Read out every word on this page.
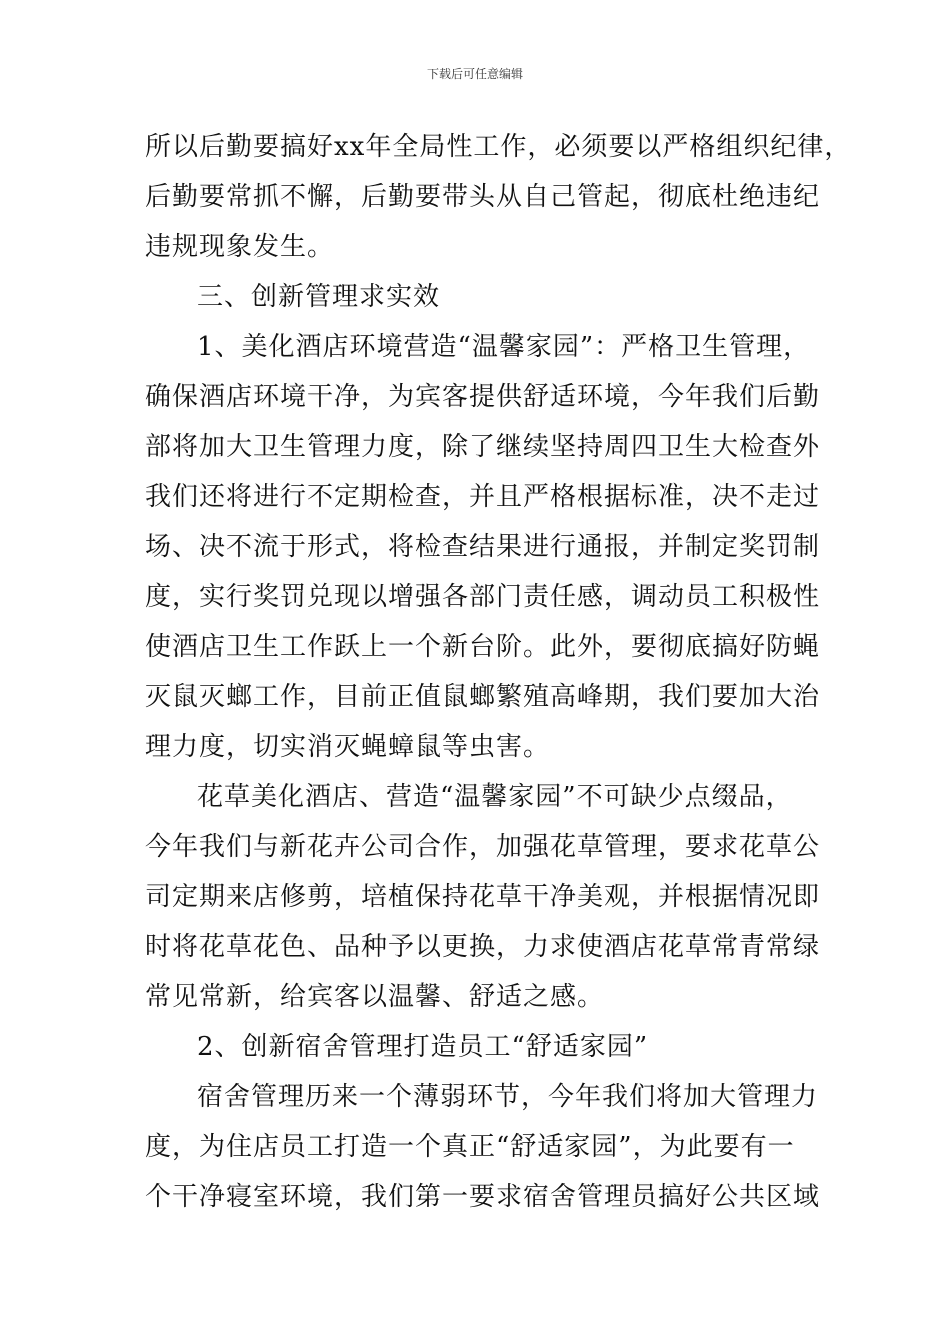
下载后可任意编辑
所以后勤要搞好xx年全局性工作，必须要以严格组织纪律，
后勤要常抓不懈，后勤要带头从自己管起，彻底杜绝违纪
违规现象发生。
三、创新管理求实效
1、美化酒店环境营造“温馨家园”：严格卫生管理，
确保酒店环境干净，为宾客提供舒适环境，今年我们后勤
部将加大卫生管理力度，除了继续坚持周四卫生大检查外
我们还将进行不定期检查，并且严格根据标准，决不走过
场、决不流于形式，将检查结果进行通报，并制定奖罚制
度，实行奖罚兑现以增强各部门责任感，调动员工积极性
使酒店卫生工作跃上一个新台阶。此外，要彻底搞好防蝇
灭鼠灭螂工作，目前正值鼠螂繁殖高峰期，我们要加大治
理力度，切实消灭蝇蟑鼠等虫害。
花草美化酒店、营造“温馨家园”不可缺少点缀品，
今年我们与新花卉公司合作，加强花草管理，要求花草公
司定期来店修剪，培植保持花草干净美观，并根据情况即
时将花草花色、品种予以更换，力求使酒店花草常青常绿
常见常新，给宾客以温馨、舒适之感。
2、创新宿舍管理打造员工“舒适家园”
宿舍管理历来一个薄弱环节，今年我们将加大管理力
度，为住店员工打造一个真正“舒适家园”，为此要有一
个干净寝室环境，我们第一要求宿舍管理员搞好公共区域
